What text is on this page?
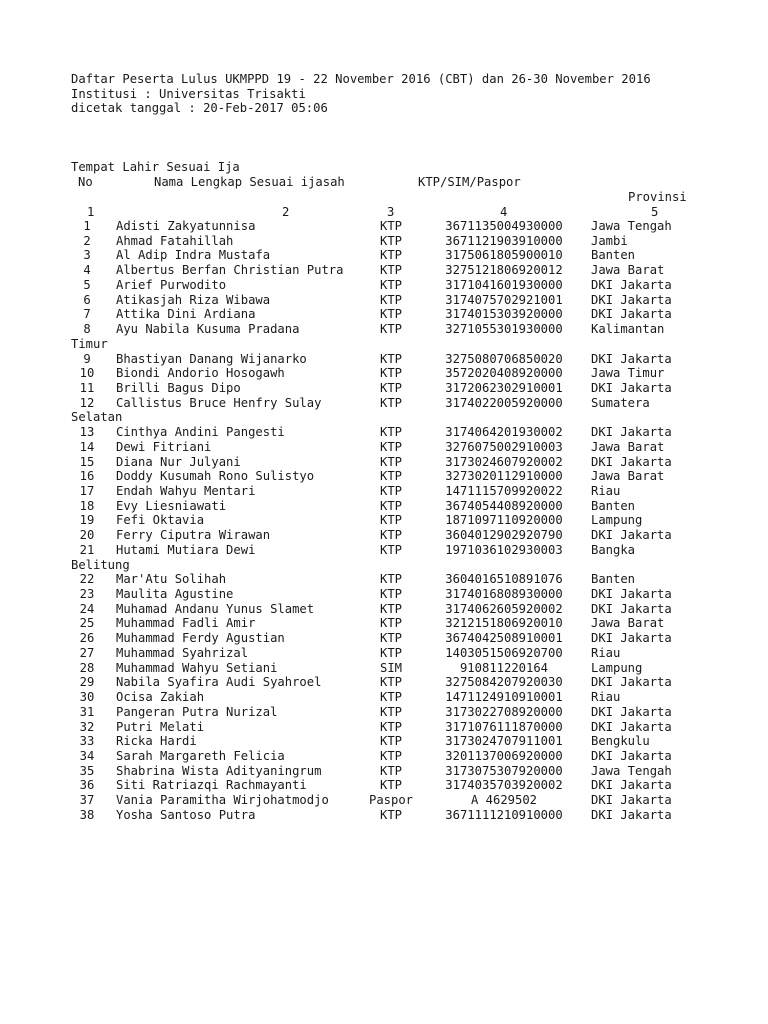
Daftar Peserta Lulus UKMPPD 19 - 22 November 2016 (CBT) dan 26-30 November 2016
Institusi : Universitas Trisakti
dicetak tanggal : 20-Feb-2017 05:06
Tempat Lahir Sesuai Ija
No	Nama Lengkap Sesuai ijasah	KTP/SIM/Paspor
Provinsi
1	2	3	4	5
1	Adisti Zakyatunnisa	KTP	3671135004930000	Jawa Tengah
2	Ahmad Fatahillah	KTP	3671121903910000	Jambi
3	Al Adip Indra Mustafa	KTP	3175061805900010	Banten
4	Albertus Berfan Christian Putra	KTP	3275121806920012	Jawa Barat
5	Arief Purwodito	KTP	3171041601930000	DKI Jakarta
6	Atikasjah Riza Wibawa	KTP	3174075702921001	DKI Jakarta
7	Attika Dini Ardiana	KTP	3174015303920000	DKI Jakarta
8	Ayu Nabila Kusuma Pradana	KTP	3271055301930000	Kalimantan
Timur
9	Bhastiyan Danang Wijanarko	KTP	3275080706850020	DKI Jakarta
10	Biondi Andorio Hosogawh	KTP	3572020408920000	Jawa Timur
11	Brilli Bagus Dipo	KTP	3172062302910001	DKI Jakarta
12	Callistus Bruce Henfry Sulay	KTP	3174022005920000	Sumatera
Selatan
13	Cinthya Andini Pangesti	KTP	3174064201930002	DKI Jakarta
14	Dewi Fitriani	KTP	3276075002910003	Jawa Barat
15	Diana Nur Julyani	KTP	3173024607920002	DKI Jakarta
16	Doddy Kusumah Rono Sulistyo	KTP	3273020112910000	Jawa Barat
17	Endah Wahyu Mentari	KTP	1471115709920022	Riau
18	Evy Liesniawati	KTP	3674054408920000	Banten
19	Fefi Oktavia	KTP	1871097110920000	Lampung
20	Ferry Ciputra Wirawan	KTP	3604012902920790	DKI Jakarta
21	Hutami Mutiara Dewi	KTP	1971036102930003	Bangka
Belitung
22	Mar'Atu Solihah	KTP	3604016510891076	Banten
23	Maulita Agustine	KTP	3174016808930000	DKI Jakarta
24	Muhamad Andanu Yunus Slamet	KTP	3174062605920002	DKI Jakarta
25	Muhammad Fadli Amir	KTP	3212151806920010	Jawa Barat
26	Muhammad Ferdy Agustian	KTP	3674042508910001	DKI Jakarta
27	Muhammad Syahrizal	KTP	1403051506920700	Riau
28	Muhammad Wahyu Setiani	SIM	910811220164	Lampung
29	Nabila Syafira Audi Syahroel	KTP	3275084207920030	DKI Jakarta
30	Ocisa Zakiah	KTP	1471124910910001	Riau
31	Pangeran Putra Nurizal	KTP	3173022708920000	DKI Jakarta
32	Putri Melati	KTP	3171076111870000	DKI Jakarta
33	Ricka Hardi	KTP	3173024707911001	Bengkulu
34	Sarah Margareth Felicia	KTP	3201137006920000	DKI Jakarta
35	Shabrina Wista Adityaningrum	KTP	3173075307920000	Jawa Tengah
36	Siti Ratriazqi Rachmayanti	KTP	3174035703920002	DKI Jakarta
37	Vania Paramitha Wirjohatmodjo	Paspor	A 4629502	DKI Jakarta
38	Yosha Santoso Putra	KTP	3671111210910000	DKI Jakarta
